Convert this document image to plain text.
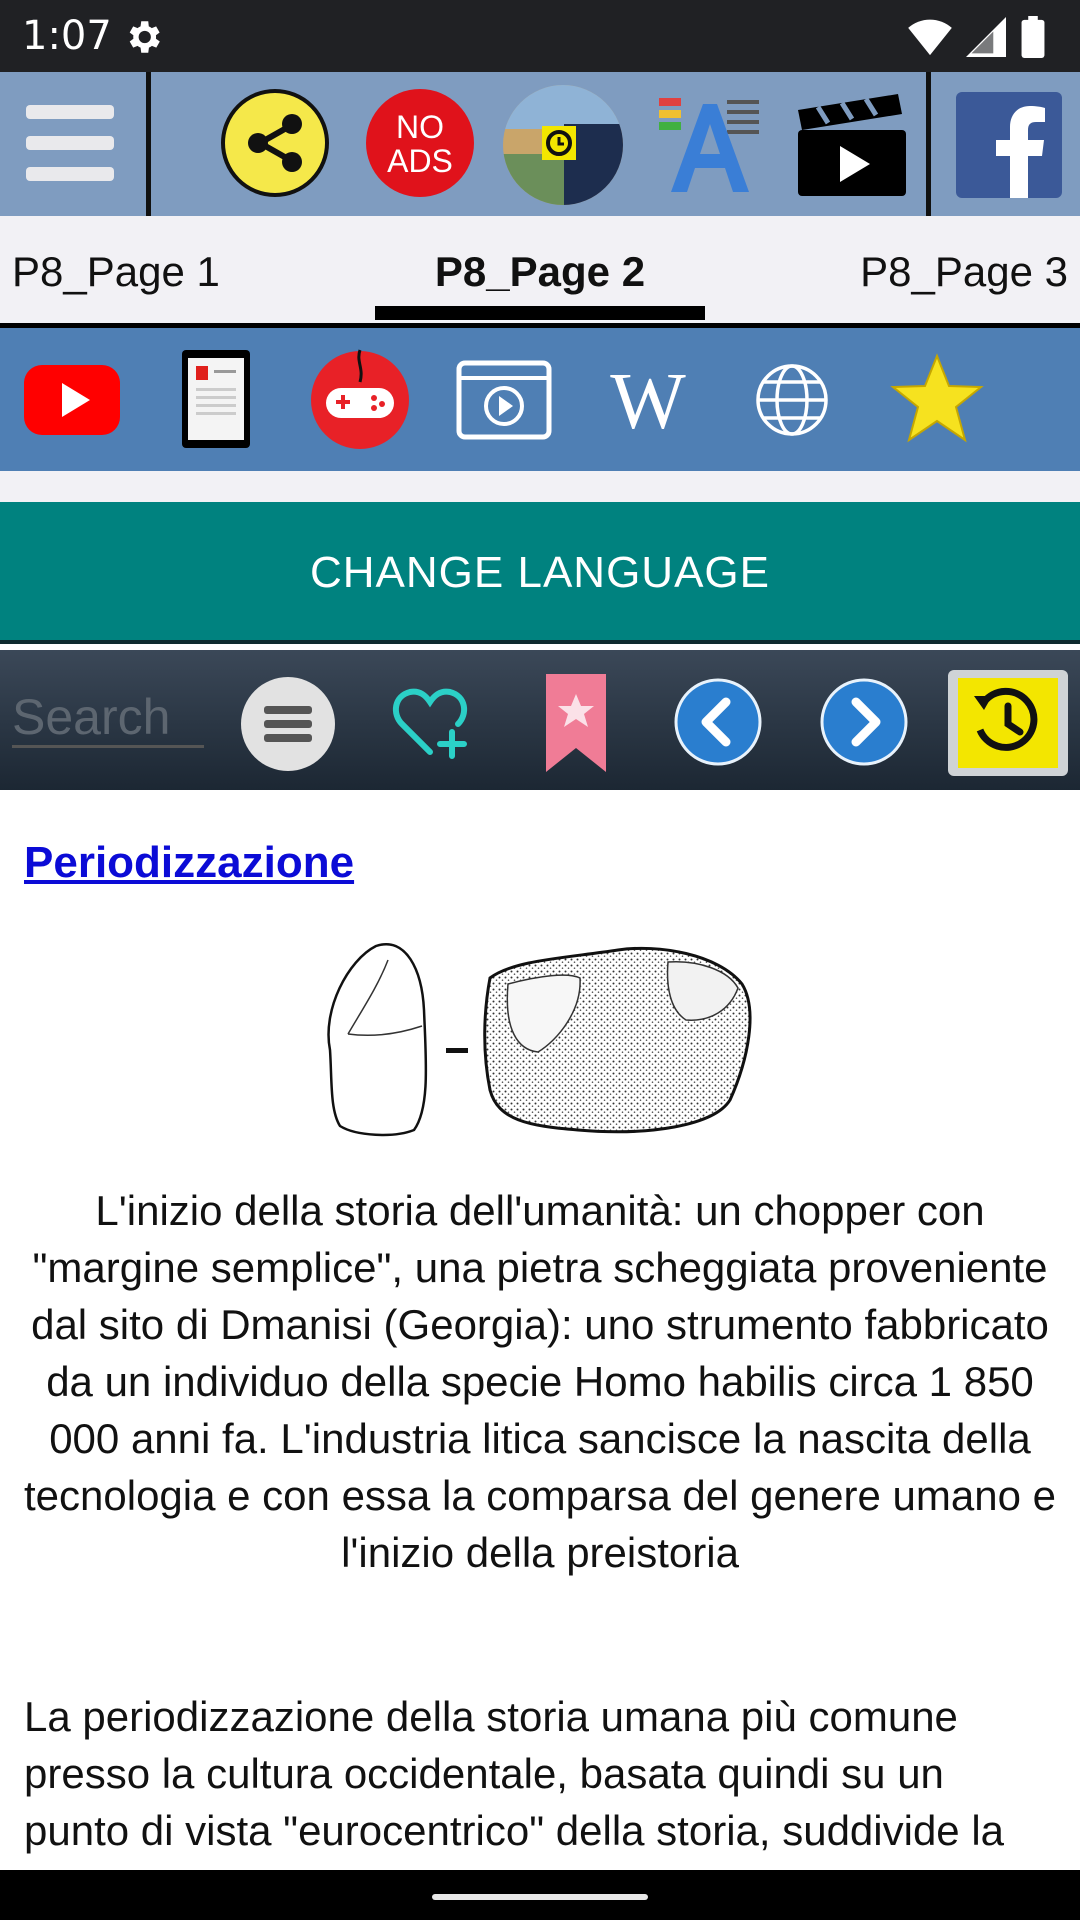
1:07
NO
ADS
P8_Page 1	P8_Page 2	P8_Page 3
W
CHANGE LANGUAGE
Search
Periodizzazione

L'inizio della storia dell'umanità: un chopper con "margine semplice", una pietra scheggiata proveniente dal sito di Dmanisi (Georgia): uno strumento fabbricato da un individuo della specie Homo habilis circa 1 850 000 anni fa. L'industria litica sancisce la nascita della tecnologia e con essa la comparsa del genere umano e l'inizio della preistoria

La periodizzazione della storia umana più comune presso la cultura occidentale, basata quindi su un punto di vista "eurocentrico" della storia, suddivide la
